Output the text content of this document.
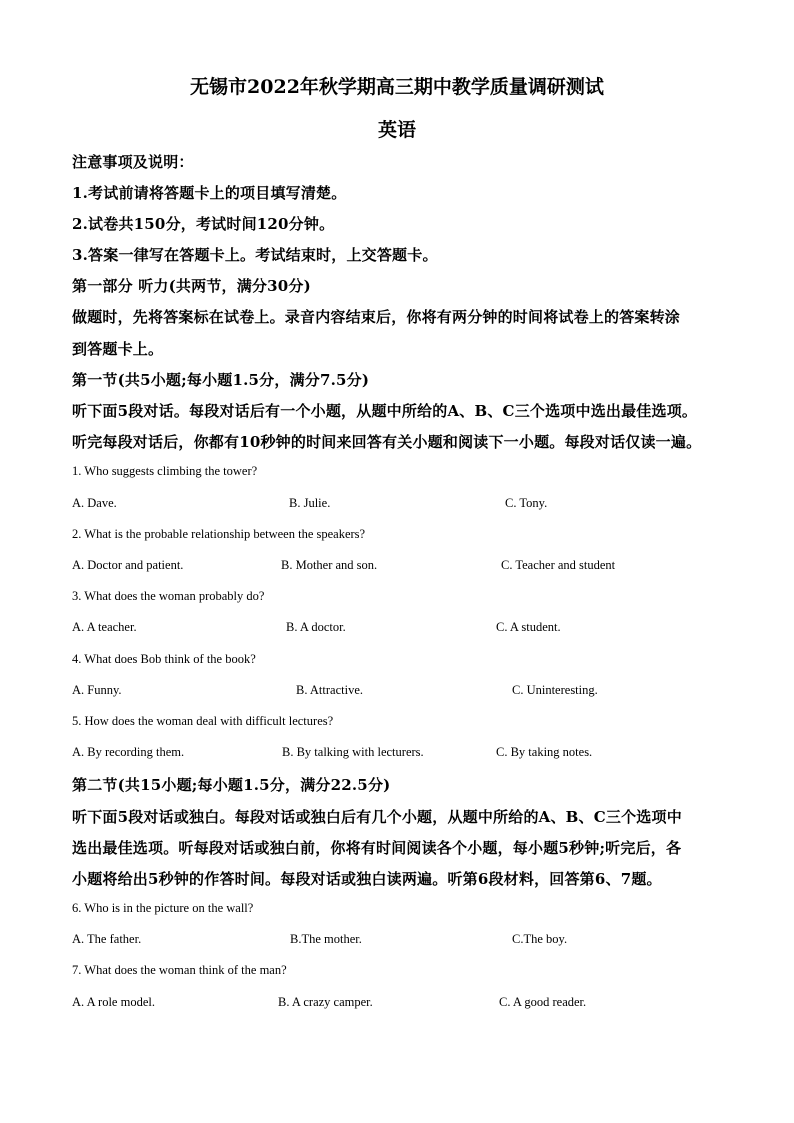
无锡市2022年秋学期高三期中教学质量调研测试
英语
注意事项及说明：
1.考试前请将答题卡上的项目填写清楚。
2.试卷共150分，考试时间120分钟。
3.答案一律写在答题卡上。考试结束时，上交答题卡。
第一部分 听力(共两节，满分30分)
做题时，先将答案标在试卷上。录音内容结束后，你将有两分钟的时间将试卷上的答案转涂
到答题卡上。
第一节(共5小题;每小题1.5分，满分7.5分)
听下面5段对话。每段对话后有一个小题，从题中所给的A、B、C三个选项中选出最佳选项。
听完每段对话后，你都有10秒钟的时间来回答有关小题和阅读下一小题。每段对话仅读一遍。
1. Who suggests climbing the tower?
A. Dave.	B. Julie.	C. Tony.
2. What is the probable relationship between the speakers?
A. Doctor and patient.	B. Mother and son.	C. Teacher and student
3. What does the woman probably do?
A. A teacher.	B. A doctor.	C. A student.
4. What does Bob think of the book?
A. Funny.	B. Attractive.	C. Uninteresting.
5. How does the woman deal with difficult lectures?
A. By recording them.	B. By talking with lecturers.	C. By taking notes.
第二节(共15小题;每小题1.5分，满分22.5分)
听下面5段对话或独白。每段对话或独白后有几个小题，从题中所给的A、B、C三个选项中
选出最佳选项。听每段对话或独白前，你将有时间阅读各个小题，每小题5秒钟;听完后，各
小题将给出5秒钟的作答时间。每段对话或独白读两遍。听第6段材料，回答第6、7题。
6. Who is in the picture on the wall?
A. The father.	B.The mother.	C.The boy.
7. What does the woman think of the man?
A. A role model.	B. A crazy camper.	C. A good reader.
